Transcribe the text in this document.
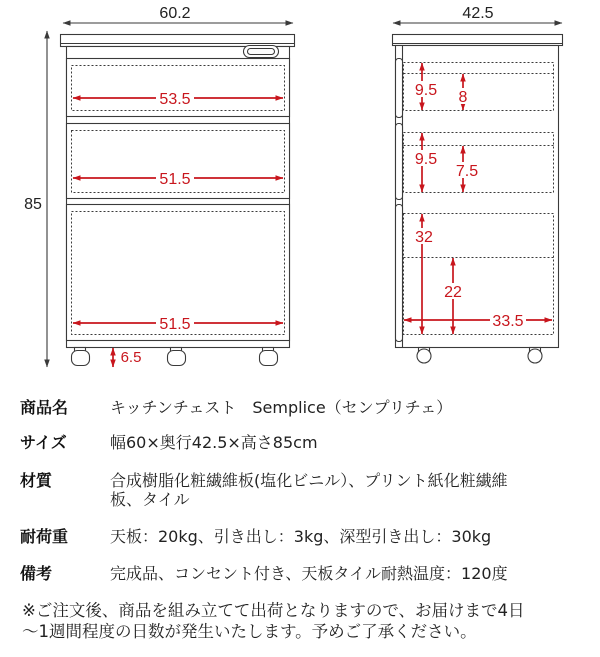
60.2
85
53.5
51.5
51.5
6.5
42.5
9.5 8
9.5
7.5
32
22
33.5
商品名	キッチンチェスト　Semplice（センプリチェ）
サイズ	幅60×奥行42.5×高さ85cm
材質	合成樹脂化粧繊維板(塩化ビニル）、プリント紙化粧繊維
板、タイル
耐荷重	天板：20kg、引き出し：3kg、深型引き出し：30kg
備考	完成品、コンセント付き、天板タイル耐熱温度：120度
※ご注文後、商品を組み立てて出荷となりますので、お届けまで4日
～1週間程度の日数が発生いたします。予めご了承ください。
